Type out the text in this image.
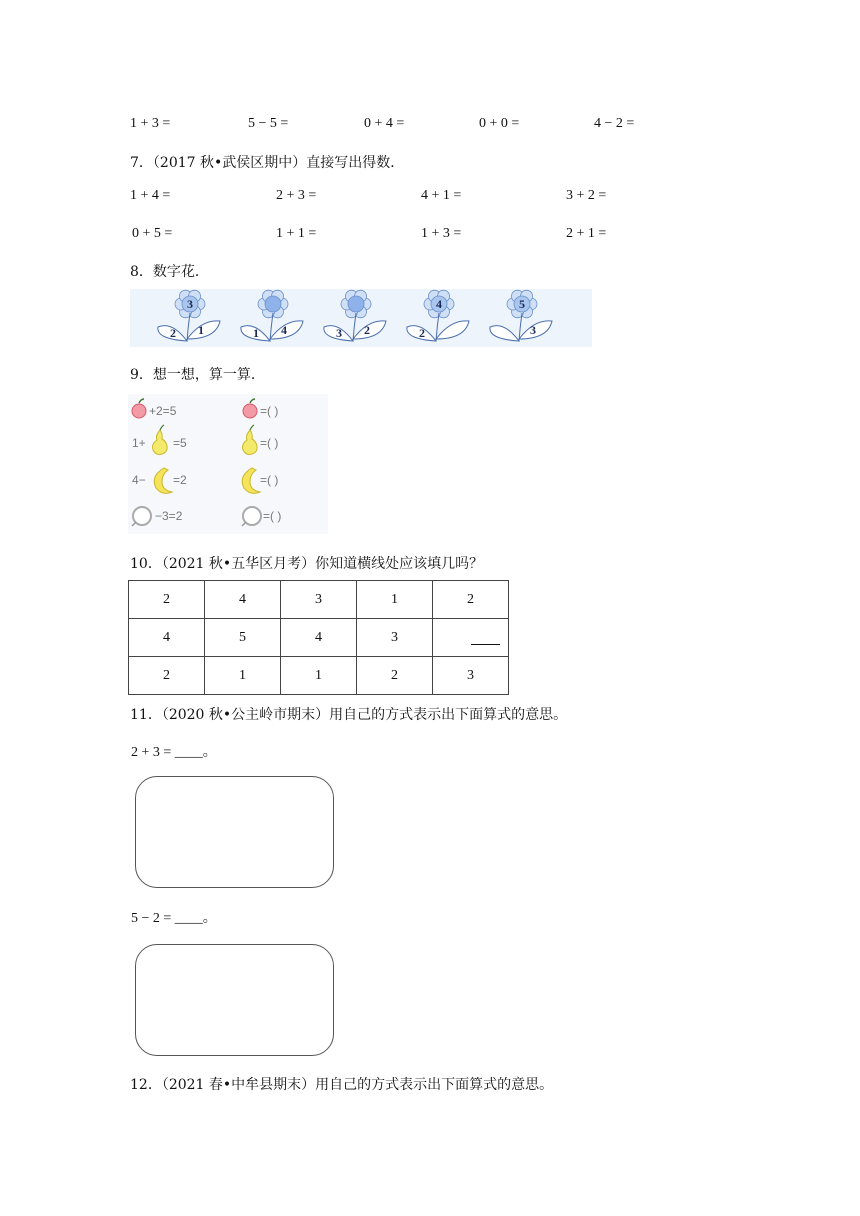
1 + 3 =	5 − 5 =	0 + 4 =	0 + 0 =	4 − 2 =
7．（2017 秋•武侯区期中）直接写出得数．
1 + 4 =	2 + 3 =	4 + 1 =	3 + 2 =
0 + 5 =	1 + 1 =	1 + 3 =	2 + 1 =
8．数字花．
3
2 1	1 4	3 2
4
2
5
3
9．想一想，算一算．
+2=5	=( )
1+ =5	=( )
4− =2	=( )
−3=2	=( )
10．（2021 秋•五华区月考）你知道横线处应该填几吗？
2	4	3	1	2
4	5	4	3	

2	1	1	2	3
11．（2020 秋•公主岭市期末）用自己的方式表示出下面算式的意思。
2 + 3 = ____。
5 − 2 = ____。
12．（2021 春•中牟县期末）用自己的方式表示出下面算式的意思。
